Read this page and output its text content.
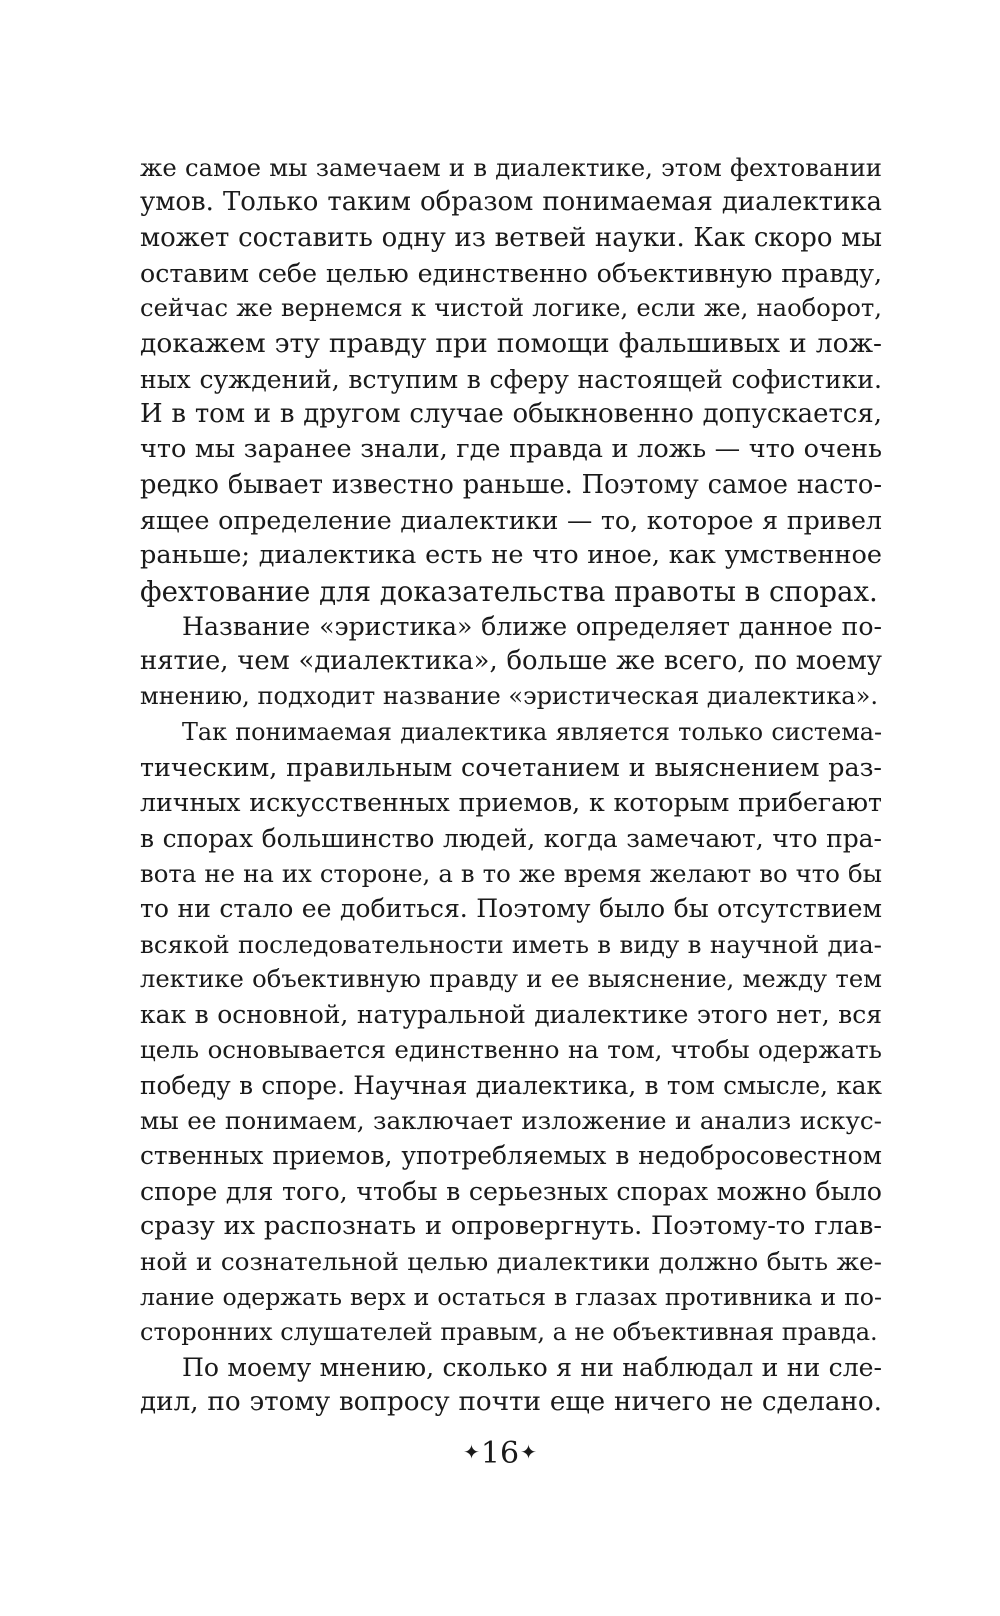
же самое мы замечаем и в диалектике, этом фехтовании
умов. Только таким образом понимаемая диалектика
может составить одну из ветвей науки. Как скоро мы
оставим себе целью единственно объективную правду,
сейчас же вернемся к чистой логике, если же, наоборот,
докажем эту правду при помощи фальшивых и лож-
ных суждений, вступим в сферу настоящей софистики.
И в том и в другом случае обыкновенно допускается,
что мы заранее знали, где правда и ложь — что очень
редко бывает известно раньше. Поэтому самое насто-
ящее определение диалектики — то, которое я привел
раньше; диалектика есть не что иное, как умственное
фехтование для доказательства правоты в спорах.
Название «эристика» ближе определяет данное по-
нятие, чем «диалектика», больше же всего, по моему
мнению, подходит название «эристическая диалектика».
Так понимаемая диалектика является только системa-
тическим, правильным сочетанием и выяснением раз-
личных искусственных приемов, к которым прибегают
в спорах большинство людей, когда замечают, что пра-
вота не на их стороне, а в то же время желают во что бы
то ни стало ее добиться. Поэтому было бы отсутствием
всякой последовательности иметь в виду в научной диа-
лектике объективную правду и ее выяснение, между тем
как в основной, натуральной диалектике этого нет, вся
цель основывается единственно на том, чтобы одержать
победу в споре. Научная диалектика, в том смысле, как
мы ее понимаем, заключает изложение и анализ искус-
ственных приемов, употребляемых в недобросовестном
споре для того, чтобы в серьезных спорах можно было
сразу их распознать и опровергнуть. Поэтому-то глав-
ной и сознательной целью диалектики должно быть же-
лание одержать верх и остаться в глазах противника и по-
сторонних слушателей правым, а не объективная правда.
По моему мнению, сколько я ни наблюдал и ни сле-
дил, по этому вопросу почти еще ничего не сделано.
✦16✦
